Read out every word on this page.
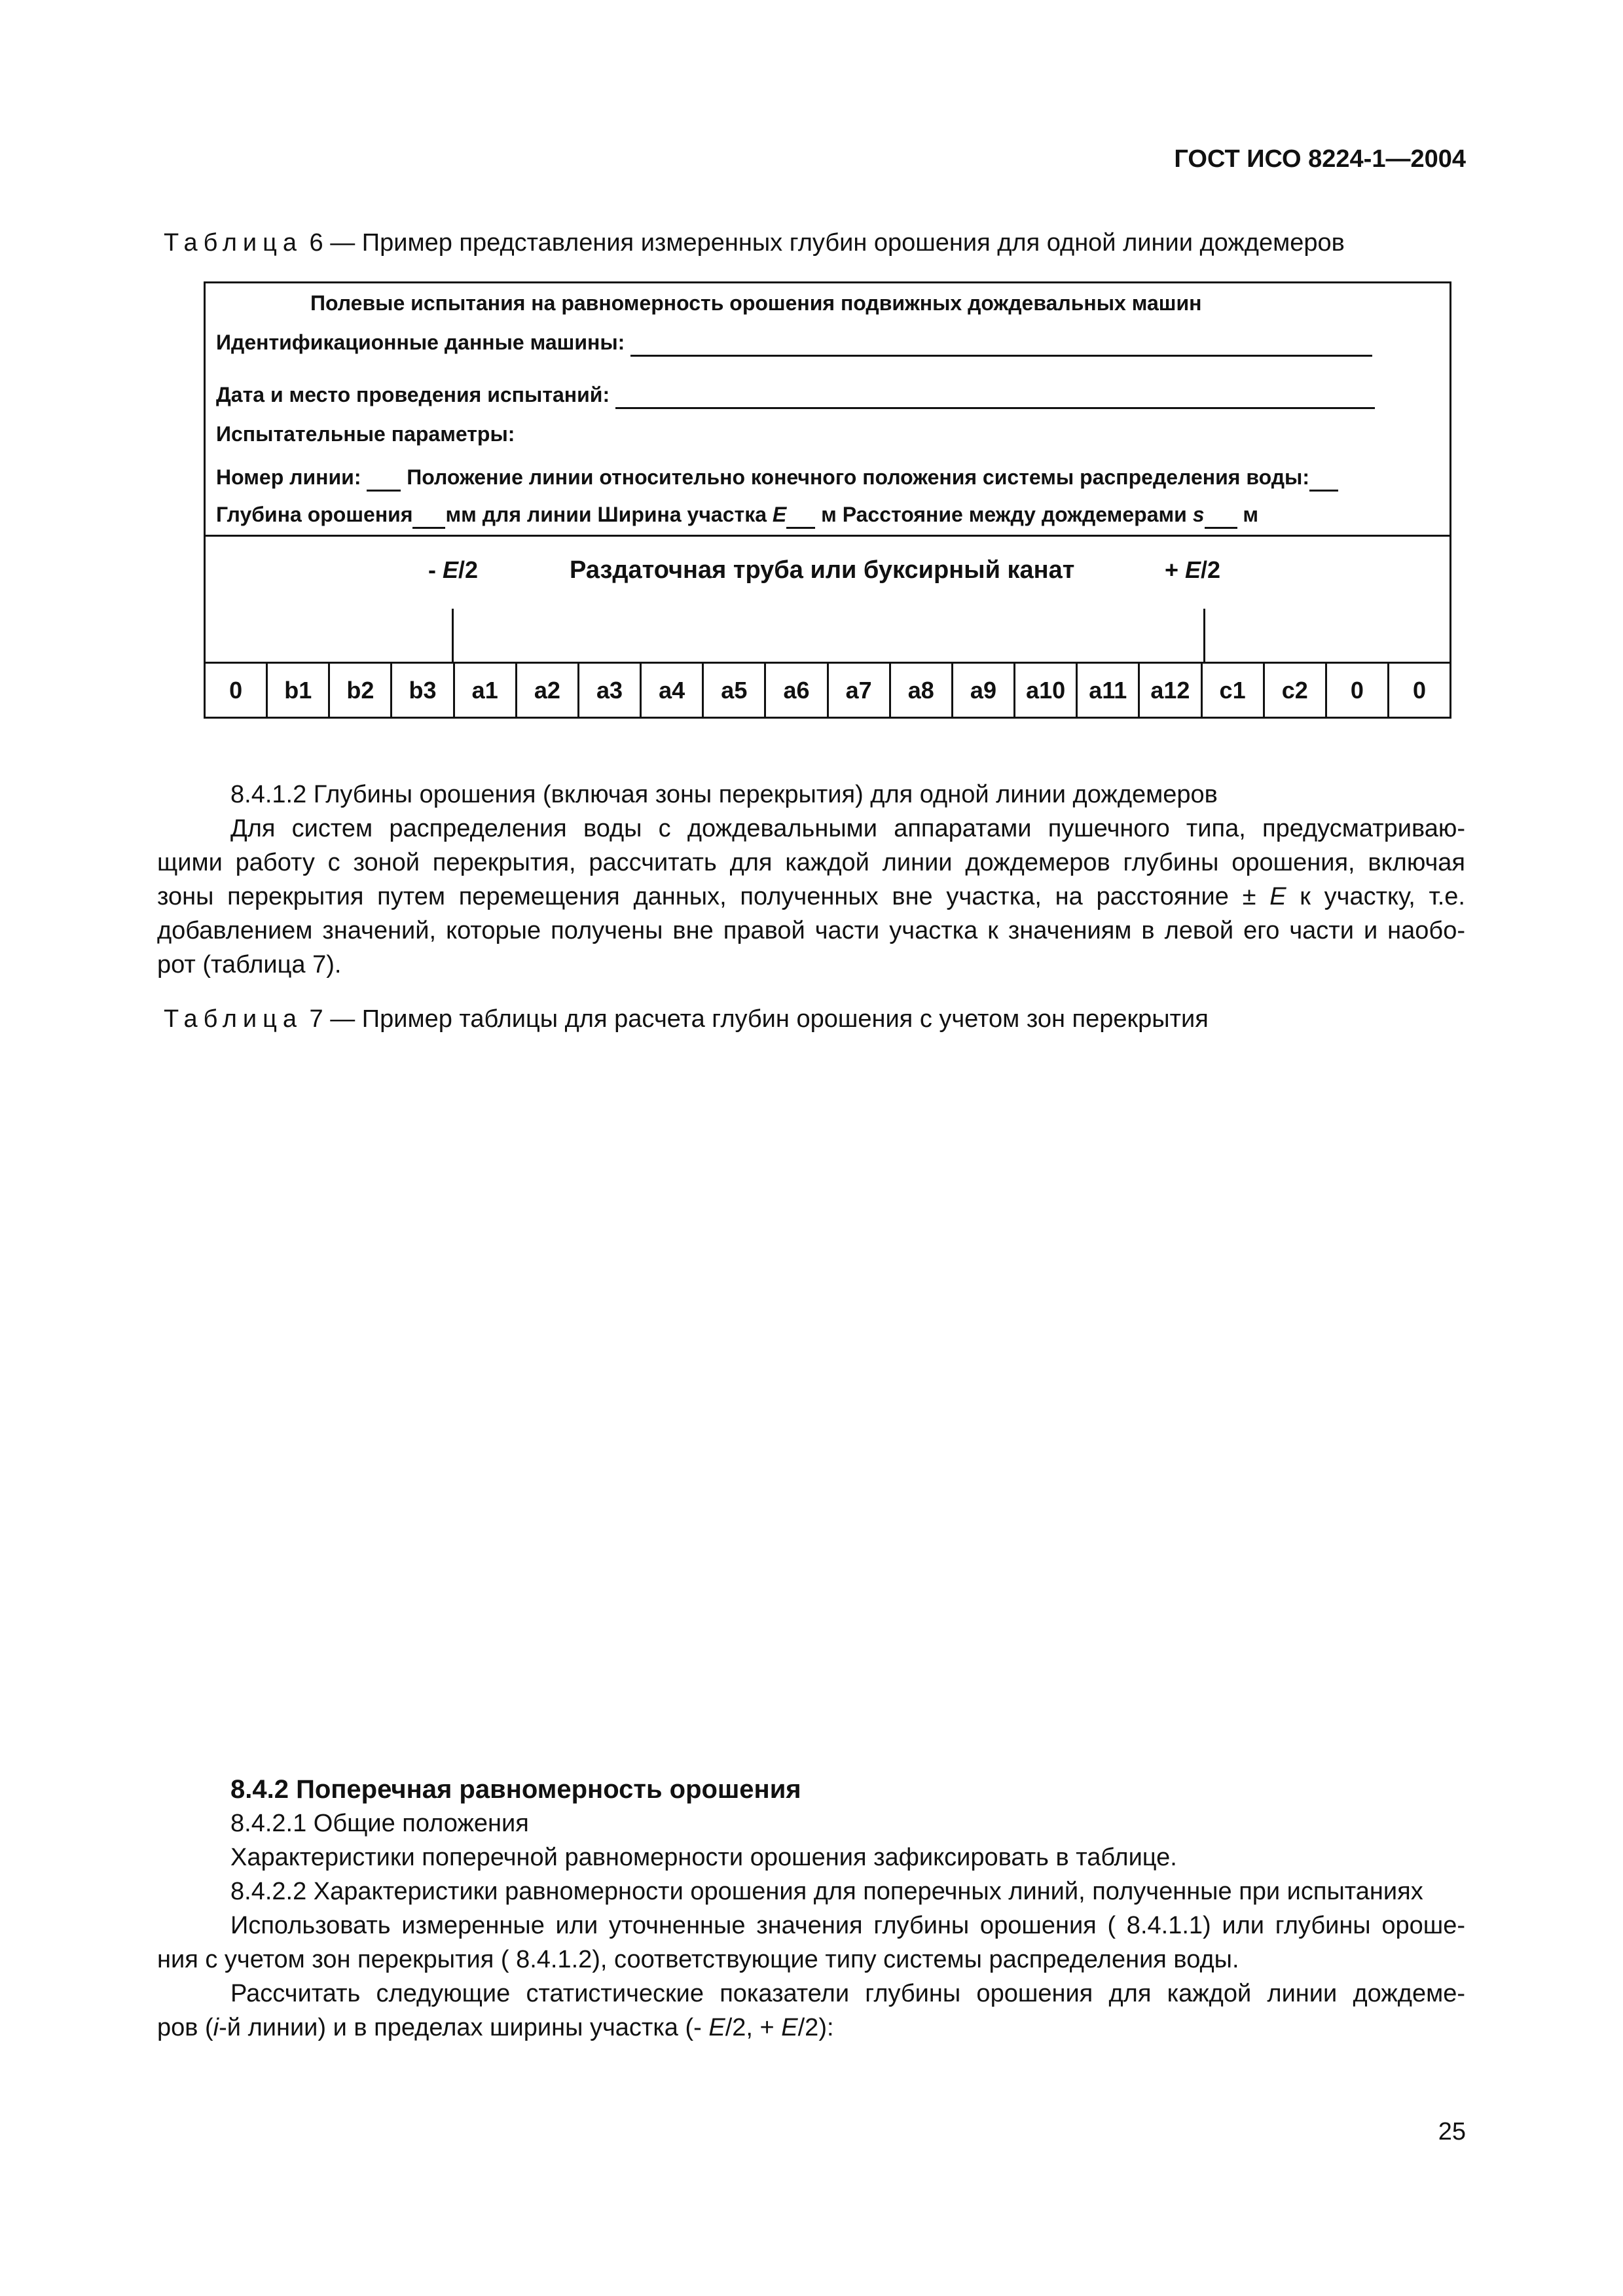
ГОСТ ИСО 8224-1—2004
Таблица 6 — Пример представления измеренных глубин орошения для одной линии дождемеров
Полевые испытания на равномерность орошения подвижных дождевальных машин
Идентификационные данные машины:
Дата и место проведения испытаний:
Испытательные параметры:
Номер линии:   Положение линии относительно конечного положения системы распределения воды:
Глубина орошения мм для линии Ширина участка E  м Расстояние между дождемерами s  м
- E/2	Раздаточная труба или буксирный канат	+ E/2
0	b1	b2	b3	a1	a2	a3	a4	a5	a6	a7	a8	a9	a10	a11	a12	c1	c2	0	0
8.4.1.2 Глубины орошения (включая зоны перекрытия) для одной линии дождемеров
Для систем распределения воды с дождевальными аппаратами пушечного типа, предусматриваю-
щими работу с зоной перекрытия, рассчитать для каждой линии дождемеров глубины орошения, включая
зоны перекрытия путем перемещения данных, полученных вне участка, на расстояние ± E к участку, т.е.
добавлением значений, которые получены вне правой части участка к значениям в левой его части и наобо-
рот (таблица 7).
Таблица 7 — Пример таблицы для расчета глубин орошения с учетом зон перекрытия
8.4.2 Поперечная равномерность орошения
8.4.2.1 Общие положения
Характеристики поперечной равномерности орошения зафиксировать в таблице.
8.4.2.2 Характеристики равномерности орошения для поперечных линий, полученные при испытаниях
Использовать измеренные или уточненные значения глубины орошения ( 8.4.1.1) или глубины ороше-
ния с учетом зон перекрытия ( 8.4.1.2), соответствующие типу системы распределения воды.
Рассчитать следующие статистические показатели глубины орошения для каждой линии дождеме-
ров (i-й линии) и в пределах ширины участка (- E/2, + E/2):
25
